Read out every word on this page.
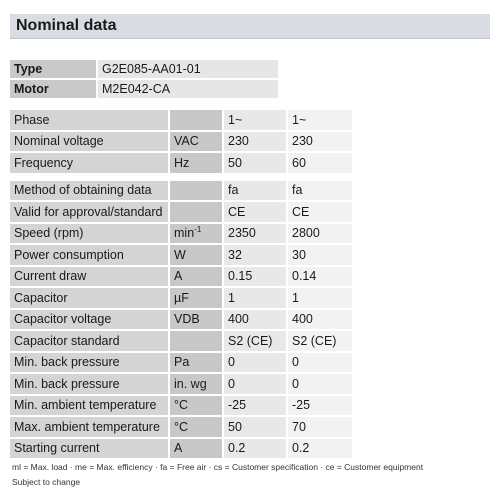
Nominal data
Type	G2E085-AA01-01
Motor	M2E042-CA
Phase		1~	1~
Nominal voltage	VAC	230	230
Frequency	Hz	50	60

Method of obtaining data		fa	fa
Valid for approval/standard		CE	CE
Speed (rpm)	$\min^{-1}$	2350	2800
Power consumption	W	32	30
Current draw	A	0.15	0.14
Capacitor	µF	1	1
Capacitor voltage	VDB	400	400
Capacitor standard		S2 (CE)	S2 (CE)
Min. back pressure	Pa	0	0
Min. back pressure	in. wg	0	0
Min. ambient temperature	°C	-25	-25
Max. ambient temperature	°C	50	70
Starting current	A	0.2	0.2
ml = Max. load · me = Max. efficiency · fa = Free air · cs = Customer specification · ce = Customer equipment
Subject to change
